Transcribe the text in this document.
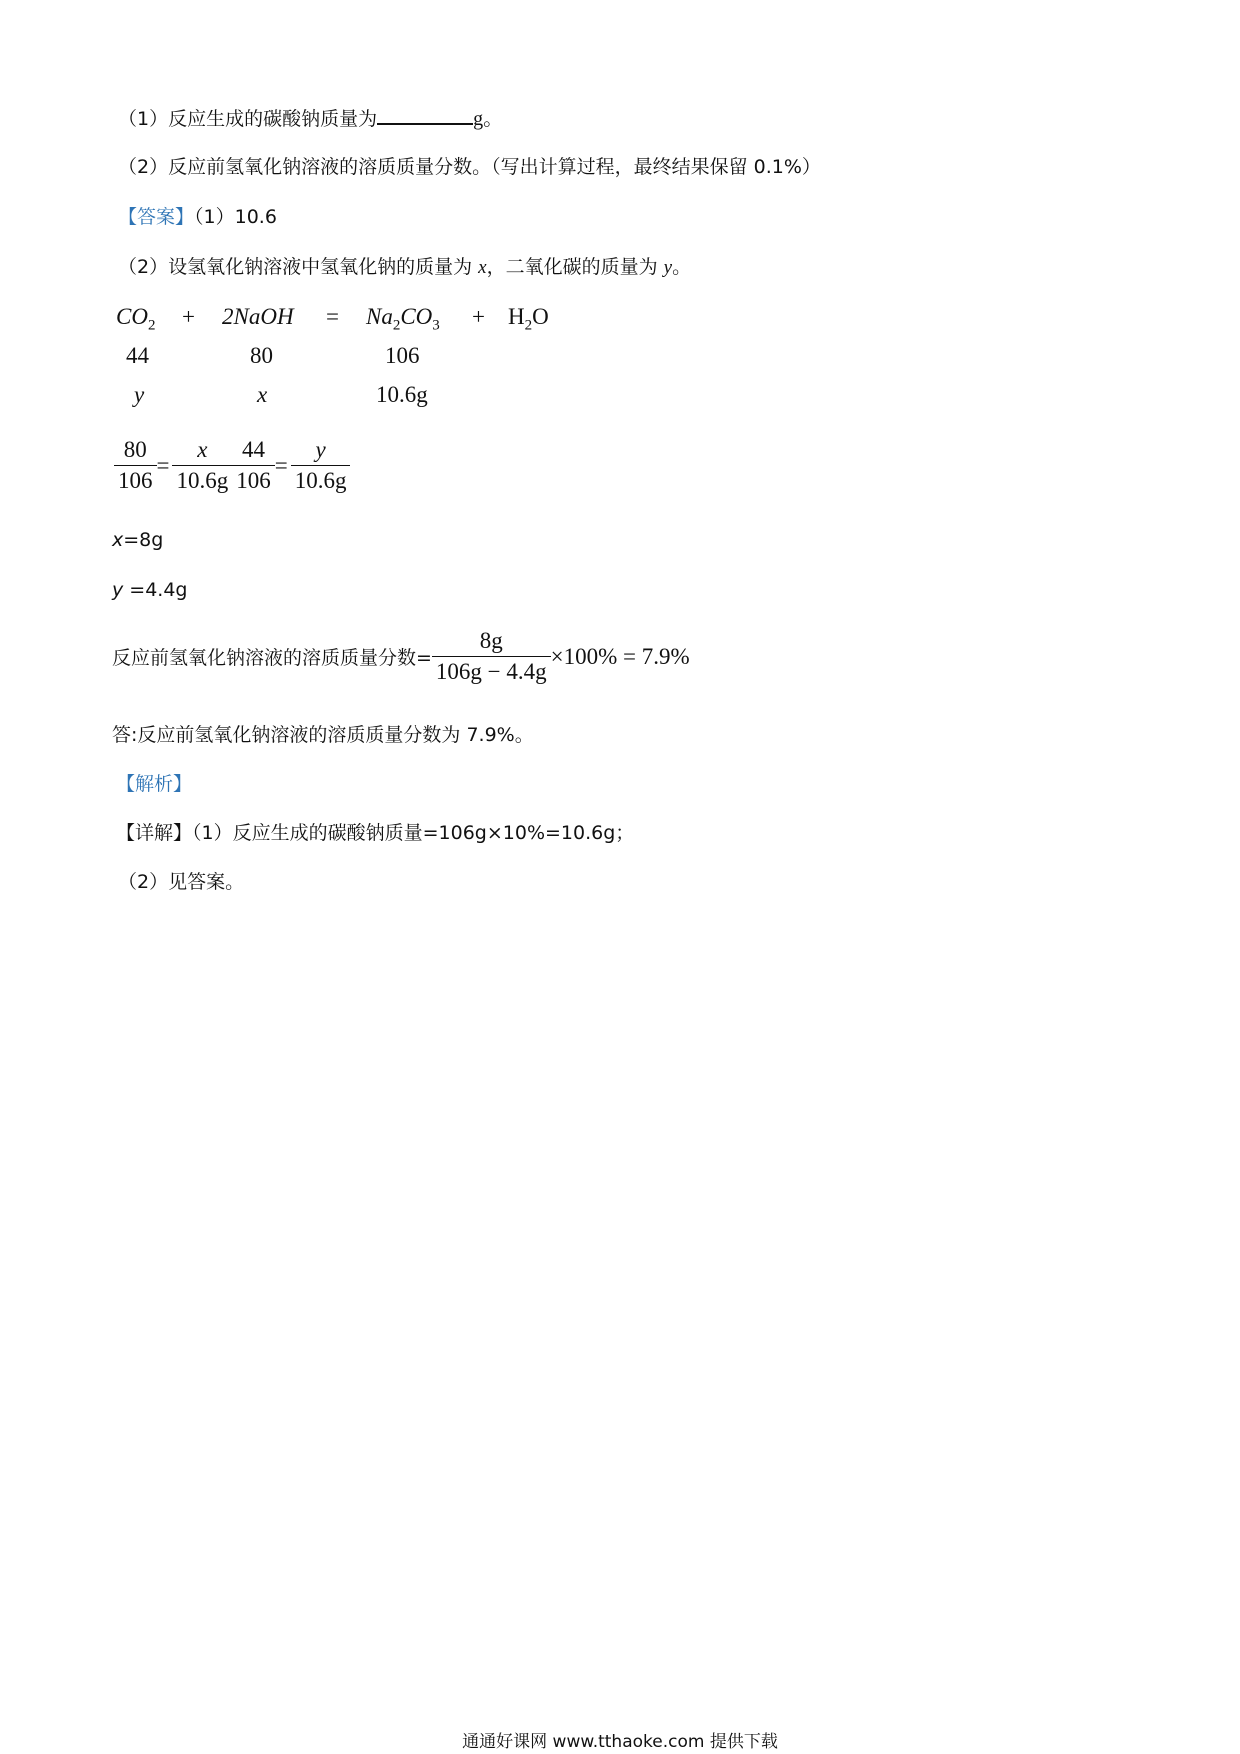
（1）反应生成的碳酸钠质量为	g。
（2）反应前氢氧化钠溶液的溶质质量分数。（写出计算过程，最终结果保留 0.1%）
【答案】（1）10.6
（2）设氢氧化钠溶液中氢氧化钠的质量为 x，二氧化碳的质量为 y。
$CO_2$ + 2NaOH = $Na_2CO_3 + H_2O$
44	80	106
y	x	10.6g
$\frac{80}{106} = \frac{x}{10.6g} \frac{44}{106} = \frac{y}{10.6g}$
x=8g
y =4.4g
反应前氢氧化钠溶液的溶质质量分数= $\frac{8g}{106g - 4.4g} \times 100\% = 7.9\%$
答:反应前氢氧化钠溶液的溶质质量分数为 7.9%。
【解析】
【详解】（1）反应生成的碳酸钠质量=106g×10%=10.6g；
（2）见答案。
通通好课网 www.tthaoke.com 提供下载
